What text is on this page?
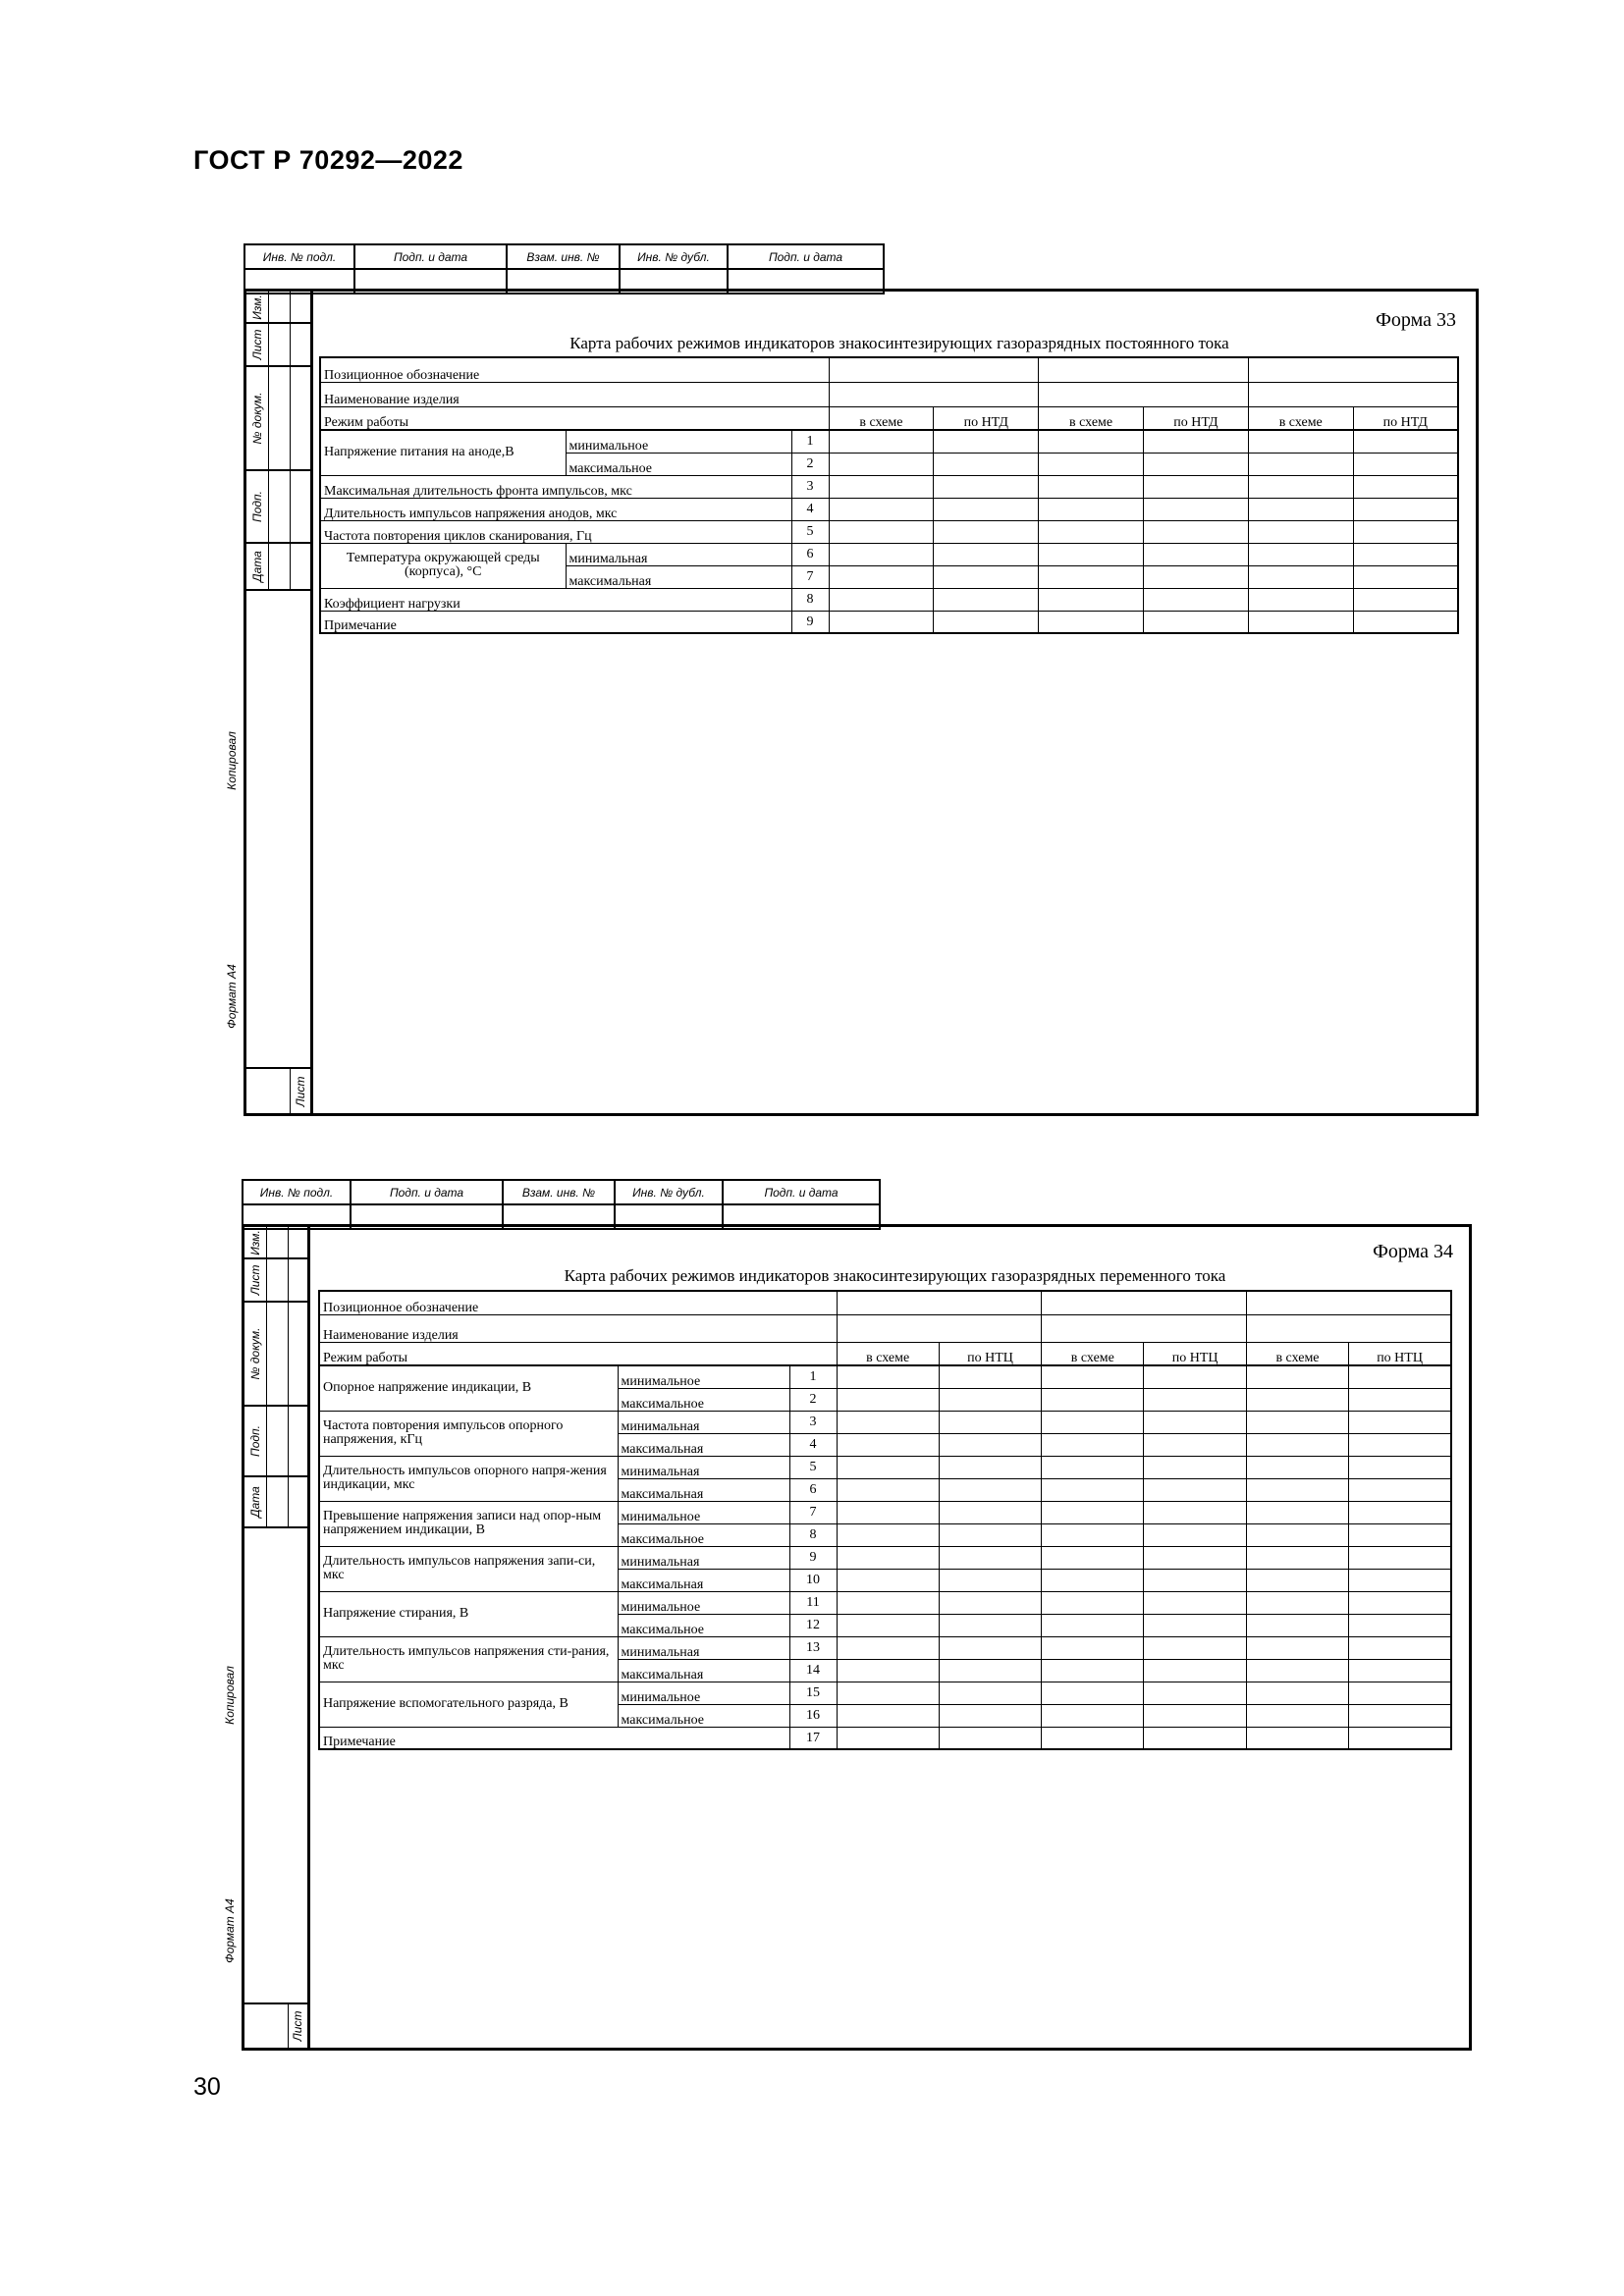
ГОСТ Р 70292—2022
Инв. № подл.	Подп. и дата	Взам. инв. №	Инв. № дубл.	Подп. и дата

Изм.		

Лист		

№ докум.		

Подп.		

Дата		

		Лист
Форма 33
Карта рабочих режимов индикаторов знакосинтезирующих газоразрядных постоянного тока
Позиционное обозначение								
Наименование изделия								
Режим работы			в схеме	по НТД	в схеме	по НТД	в схеме	по НТД
Напряжение питания на аноде,В	минимальное	1						
	максимальное	2						
Максимальная длительность фронта импульсов, мкс		3						
Длительность импульсов напряжения анодов, мкс		4						
Частота повторения циклов сканирования, Гц		5						
Температура окружающей среды (корпуса), °С	минимальная	6						
	максимальная	7						
Коэффициент нагрузки		8						
Примечание		9						
Копировал
Формат А4
Инв. № подл.	Подп. и дата	Взам. инв. №	Инв. № дубл.	Подп. и дата

Изм.		

Лист		

№ докум.		

Подп.		

Дата		

		Лист
Форма 34
Карта рабочих режимов индикаторов знакосинтезирующих газоразрядных переменного тока
Позиционное обозначение								
Наименование изделия								
Режим работы			в схеме	по НТЦ	в схеме	по НТЦ	в схеме	по НТЦ
Опорное напряжение индикации, В	минимальное	1						
	максимальное	2						
Частота повторения импульсов опорного напряжения, кГц	минимальная	3						
	максимальная	4						
Длительность импульсов опорного напря-жения индикации, мкс	минимальная	5						
	максимальная	6						
Превышение напряжения записи над опор-ным напряжением индикации, В	минимальное	7						
	максимальное	8						
Длительность импульсов напряжения запи-си, мкс	минимальная	9						
	максимальная	10						
Напряжение стирания, В	минимальное	11						
	максимальное	12						
Длительность импульсов напряжения сти-рания, мкс	минимальная	13						
	максимальная	14						
Напряжение вспомогательного разряда, В	минимальное	15						
	максимальное	16						
Примечание		17						
Копировал
Формат А4
30
